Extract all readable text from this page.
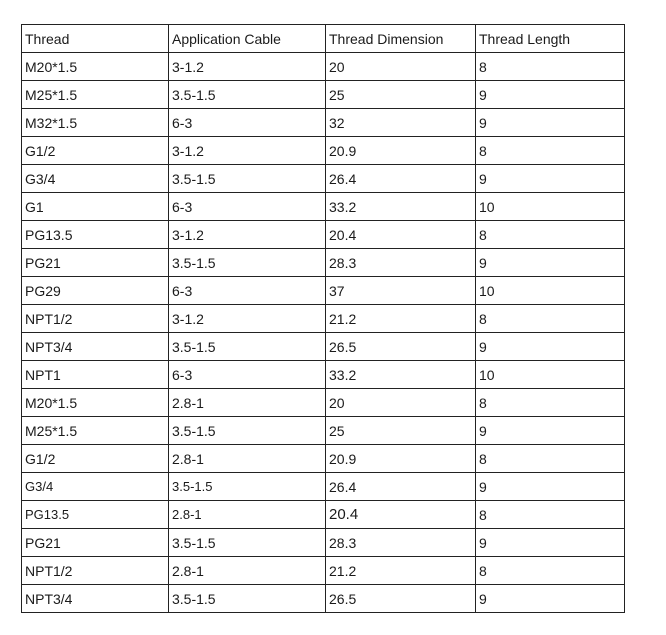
Thread	Application Cable	Thread Dimension	Thread Length
M20*1.5	3-1.2	20	8
M25*1.5	3.5-1.5	25	9
M32*1.5	6-3	32	9
G1/2	3-1.2	20.9	8
G3/4	3.5-1.5	26.4	9
G1	6-3	33.2	10
PG13.5	3-1.2	20.4	8
PG21	3.5-1.5	28.3	9
PG29	6-3	37	10
NPT1/2	3-1.2	21.2	8
NPT3/4	3.5-1.5	26.5	9
NPT1	6-3	33.2	10
M20*1.5	2.8-1	20	8
M25*1.5	3.5-1.5	25	9
G1/2	2.8-1	20.9	8
G3/4	3.5-1.5	26.4	9
PG13.5	2.8-1	20.4	8
PG21	3.5-1.5	28.3	9
NPT1/2	2.8-1	21.2	8
NPT3/4	3.5-1.5	26.5	9
